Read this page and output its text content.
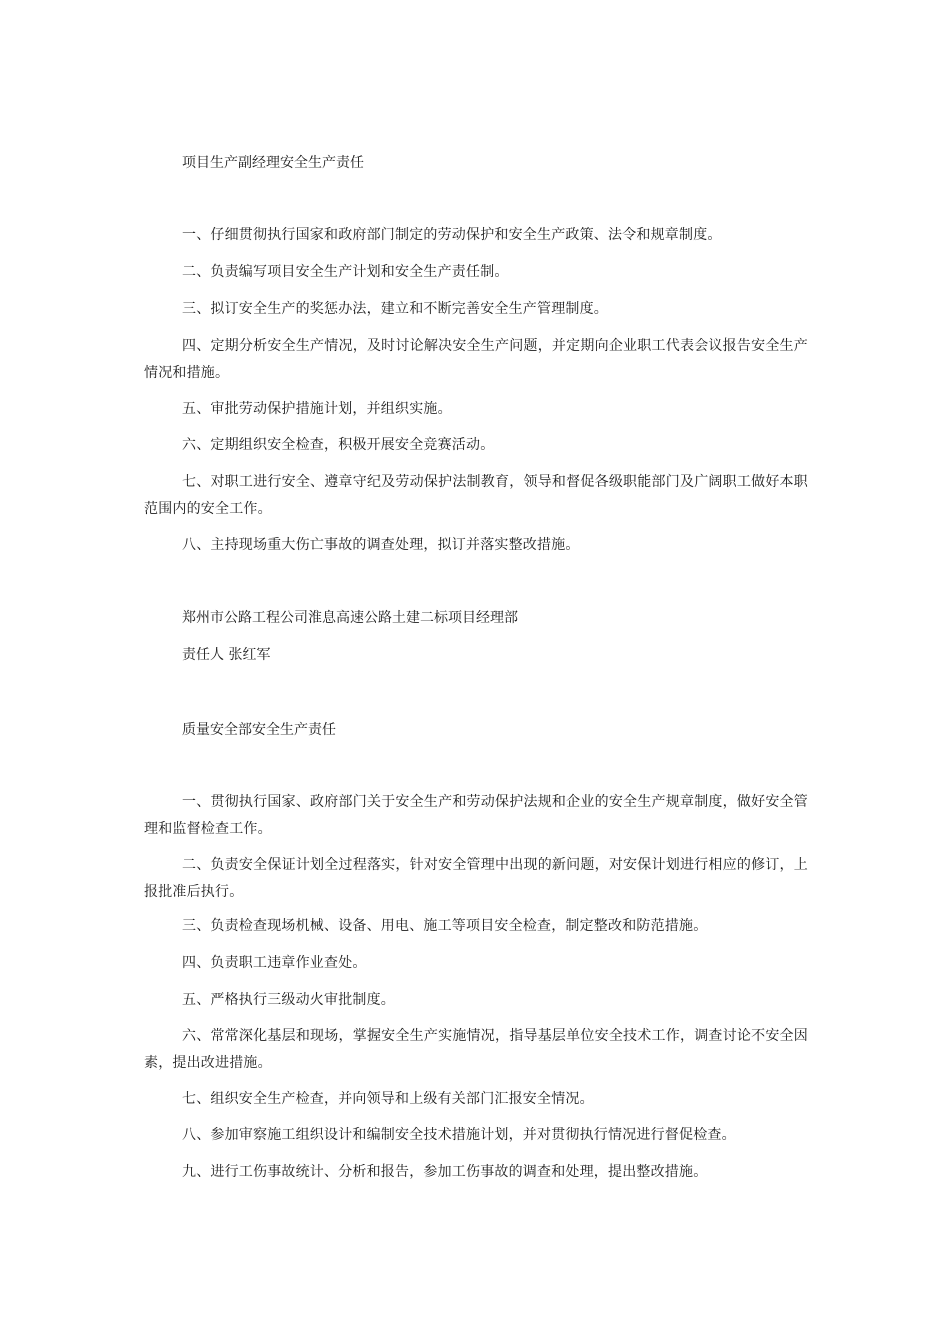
项目生产副经理安全生产责任
一、仔细贯彻执行国家和政府部门制定的劳动保护和安全生产政策、法令和规章制度。
二、负责编写项目安全生产计划和安全生产责任制。
三、拟订安全生产的奖惩办法，建立和不断完善安全生产管理制度。
四、定期分析安全生产情况，及时讨论解决安全生产问题，并定期向企业职工代表会议报告安全生产情况和措施。
五、审批劳动保护措施计划，并组织实施。
六、定期组织安全检查，积极开展安全竞赛活动。
七、对职工进行安全、遵章守纪及劳动保护法制教育，领导和督促各级职能部门及广阔职工做好本职范围内的安全工作。
八、主持现场重大伤亡事故的调查处理，拟订并落实整改措施。
郑州市公路工程公司淮息高速公路土建二标项目经理部
责任人 张红军
质量安全部安全生产责任
一、贯彻执行国家、政府部门关于安全生产和劳动保护法规和企业的安全生产规章制度，做好安全管理和监督检查工作。
二、负责安全保证计划全过程落实，针对安全管理中出现的新问题，对安保计划进行相应的修订，上报批准后执行。
三、负责检查现场机械、设备、用电、施工等项目安全检查，制定整改和防范措施。
四、负责职工违章作业查处。
五、严格执行三级动火审批制度。
六、常常深化基层和现场，掌握安全生产实施情况，指导基层单位安全技术工作，调查讨论不安全因素，提出改进措施。
七、组织安全生产检查，并向领导和上级有关部门汇报安全情况。
八、参加审察施工组织设计和编制安全技术措施计划，并对贯彻执行情况进行督促检查。
九、进行工伤事故统计、分析和报告，参加工伤事故的调查和处理，提出整改措施。
